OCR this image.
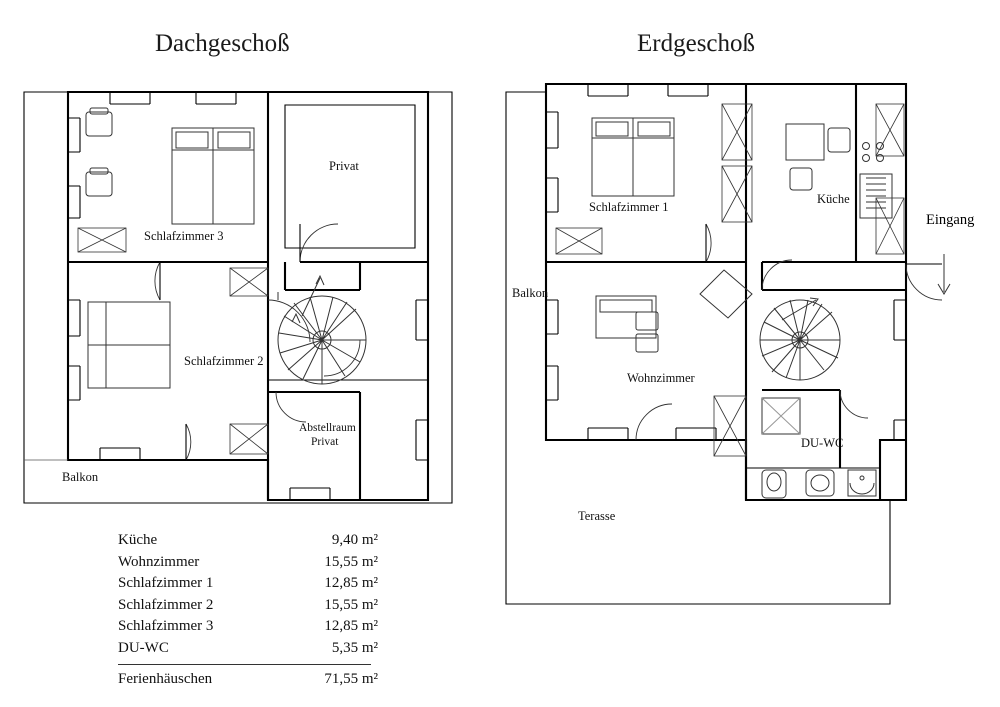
Dachgeschoß	Erdgeschoß
Privat
Schlafzimmer 3
Schlafzimmer 2
Abstellraum
Privat
Balkon
Schlafzimmer 1
Küche
Balkon
Wohnzimmer
DU-WC
Terasse
Eingang
Küche	9,40 m²
Wohnzimmer	15,55 m²
Schlafzimmer 1	12,85 m²
Schlafzimmer 2	15,55 m²
Schlafzimmer 3	12,85 m²
DU-WC	5,35 m²
Ferienhäuschen	71,55 m²
